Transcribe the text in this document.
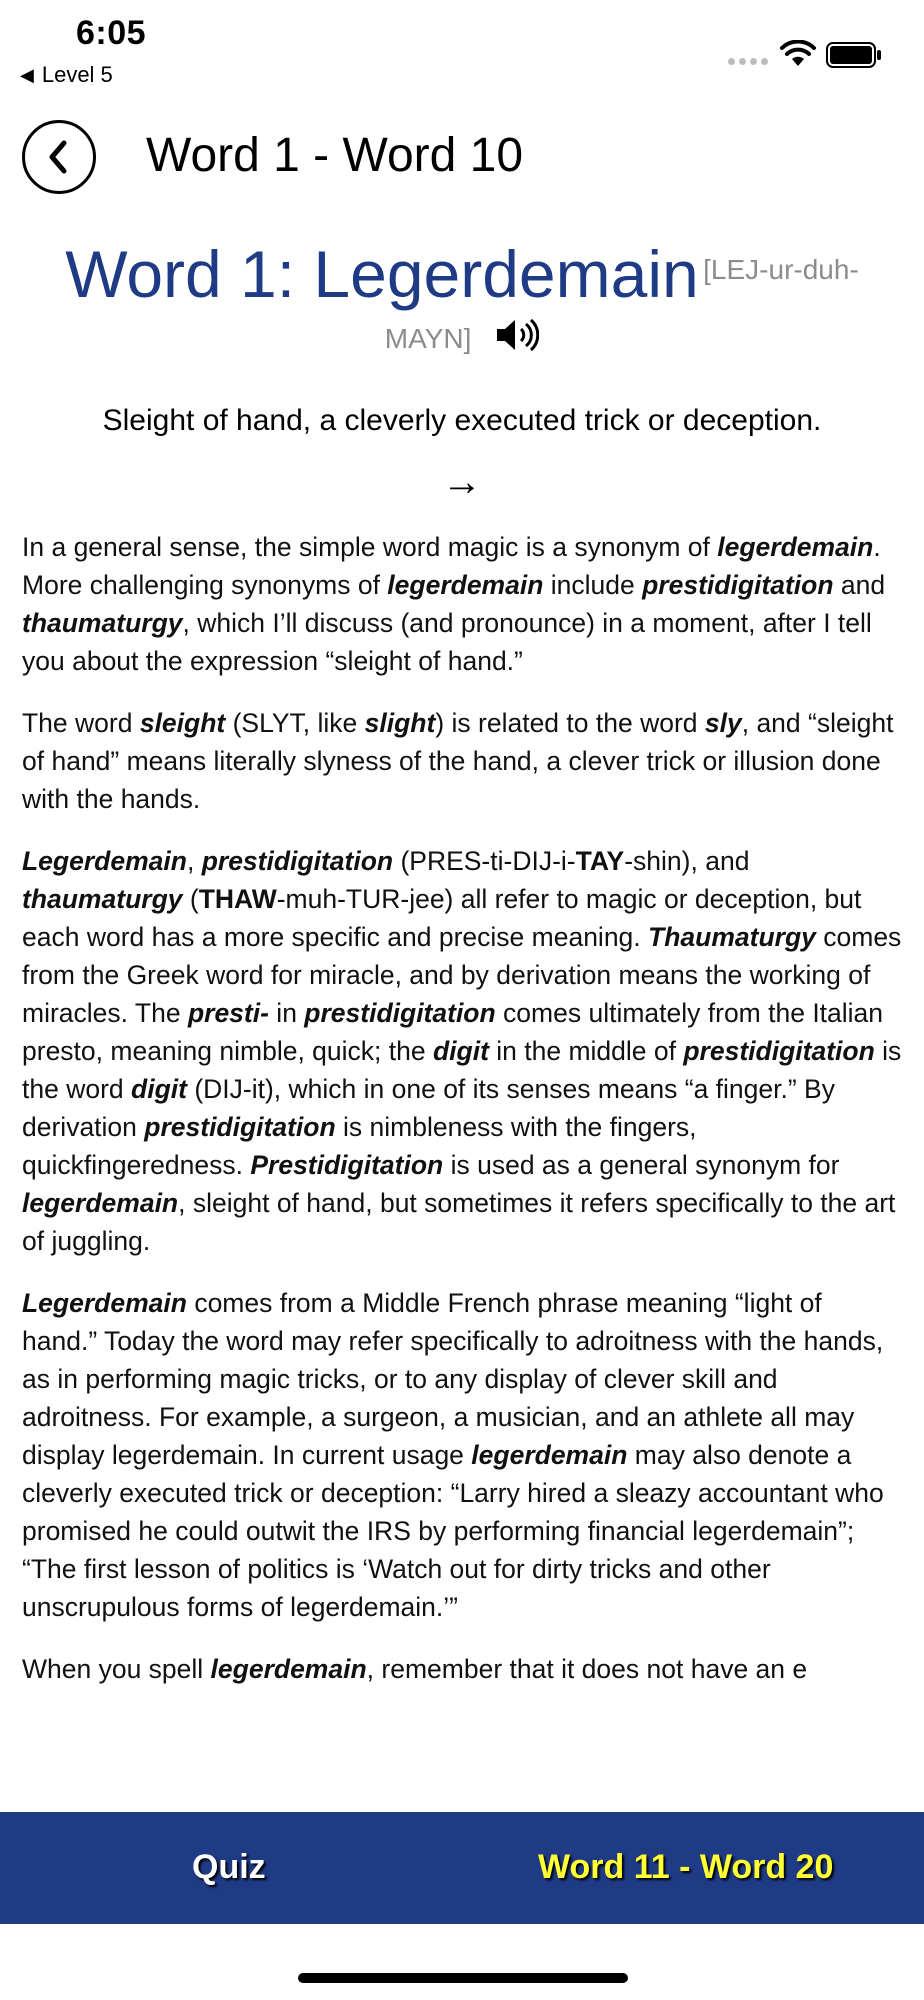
6:05
◀ Level 5
Word 1 - Word 10
Word 1: Legerdemain [LEJ-ur-duh-
MAYN]
Sleight of hand, a cleverly executed trick or deception.
→

In a general sense, the simple word magic is a synonym of legerdemain. More challenging synonyms of legerdemain include prestidigitation and thaumaturgy, which I’ll discuss (and pronounce) in a moment, after I tell you about the expression “sleight of hand.”

The word sleight (SLYT, like slight) is related to the word sly, and “sleight of hand” means literally slyness of the hand, a clever trick or illusion done with the hands.

Legerdemain, prestidigitation (PRES-ti-DIJ-i-TAY-shin), and thaumaturgy (THAW-muh-TUR-jee) all refer to magic or deception, but each word has a more specific and precise meaning. Thaumaturgy comes from the Greek word for miracle, and by derivation means the working of miracles. The presti- in prestidigitation comes ultimately from the Italian presto, meaning nimble, quick; the digit in the middle of prestidigitation is the word digit (DIJ-it), which in one of its senses means “a finger.” By derivation prestidigitation is nimbleness with the fingers, quickfingeredness. Prestidigitation is used as a general synonym for legerdemain, sleight of hand, but sometimes it refers specifically to the art of juggling.

Legerdemain comes from a Middle French phrase meaning “light of hand.” Today the word may refer specifically to adroitness with the hands, as in performing magic tricks, or to any display of clever skill and adroitness. For example, a surgeon, a musician, and an athlete all may display legerdemain. In current usage legerdemain may also denote a cleverly executed trick or deception: “Larry hired a sleazy accountant who promised he could outwit the IRS by performing financial legerdemain”; “The first lesson of politics is ‘Watch out for dirty tricks and other unscrupulous forms of legerdemain.’”

When you spell legerdemain, remember that it does not have an e

Quiz	Word 11 - Word 20
